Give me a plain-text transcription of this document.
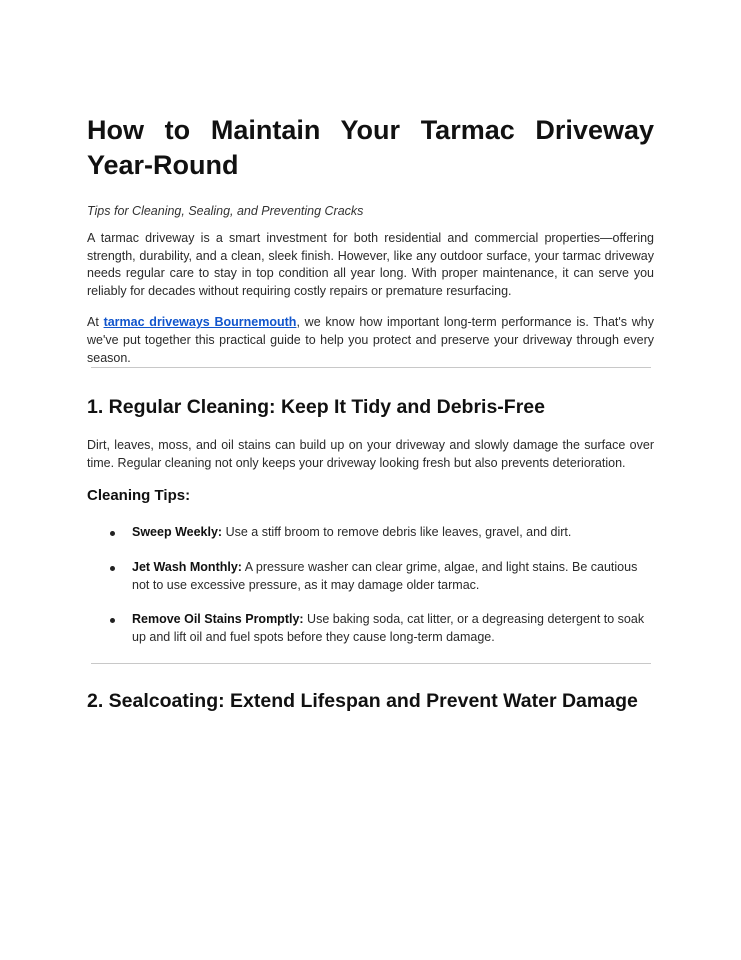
How to Maintain Your Tarmac Driveway Year-Round
Tips for Cleaning, Sealing, and Preventing Cracks

A tarmac driveway is a smart investment for both residential and commercial properties—offering strength, durability, and a clean, sleek finish. However, like any outdoor surface, your tarmac driveway needs regular care to stay in top condition all year long. With proper maintenance, it can serve you reliably for decades without requiring costly repairs or premature resurfacing.

At tarmac driveways Bournemouth, we know how important long-term performance is. That's why we've put together this practical guide to help you protect and preserve your driveway through every season.

1. Regular Cleaning: Keep It Tidy and Debris-Free

Dirt, leaves, moss, and oil stains can build up on your driveway and slowly damage the surface over time. Regular cleaning not only keeps your driveway looking fresh but also prevents deterioration.

Cleaning Tips:
Sweep Weekly: Use a stiff broom to remove debris like leaves, gravel, and dirt.
Jet Wash Monthly: A pressure washer can clear grime, algae, and light stains. Be cautious not to use excessive pressure, as it may damage older tarmac.
Remove Oil Stains Promptly: Use baking soda, cat litter, or a degreasing detergent to soak up and lift oil and fuel spots before they cause long-term damage.
2. Sealcoating: Extend Lifespan and Prevent Water Damage
